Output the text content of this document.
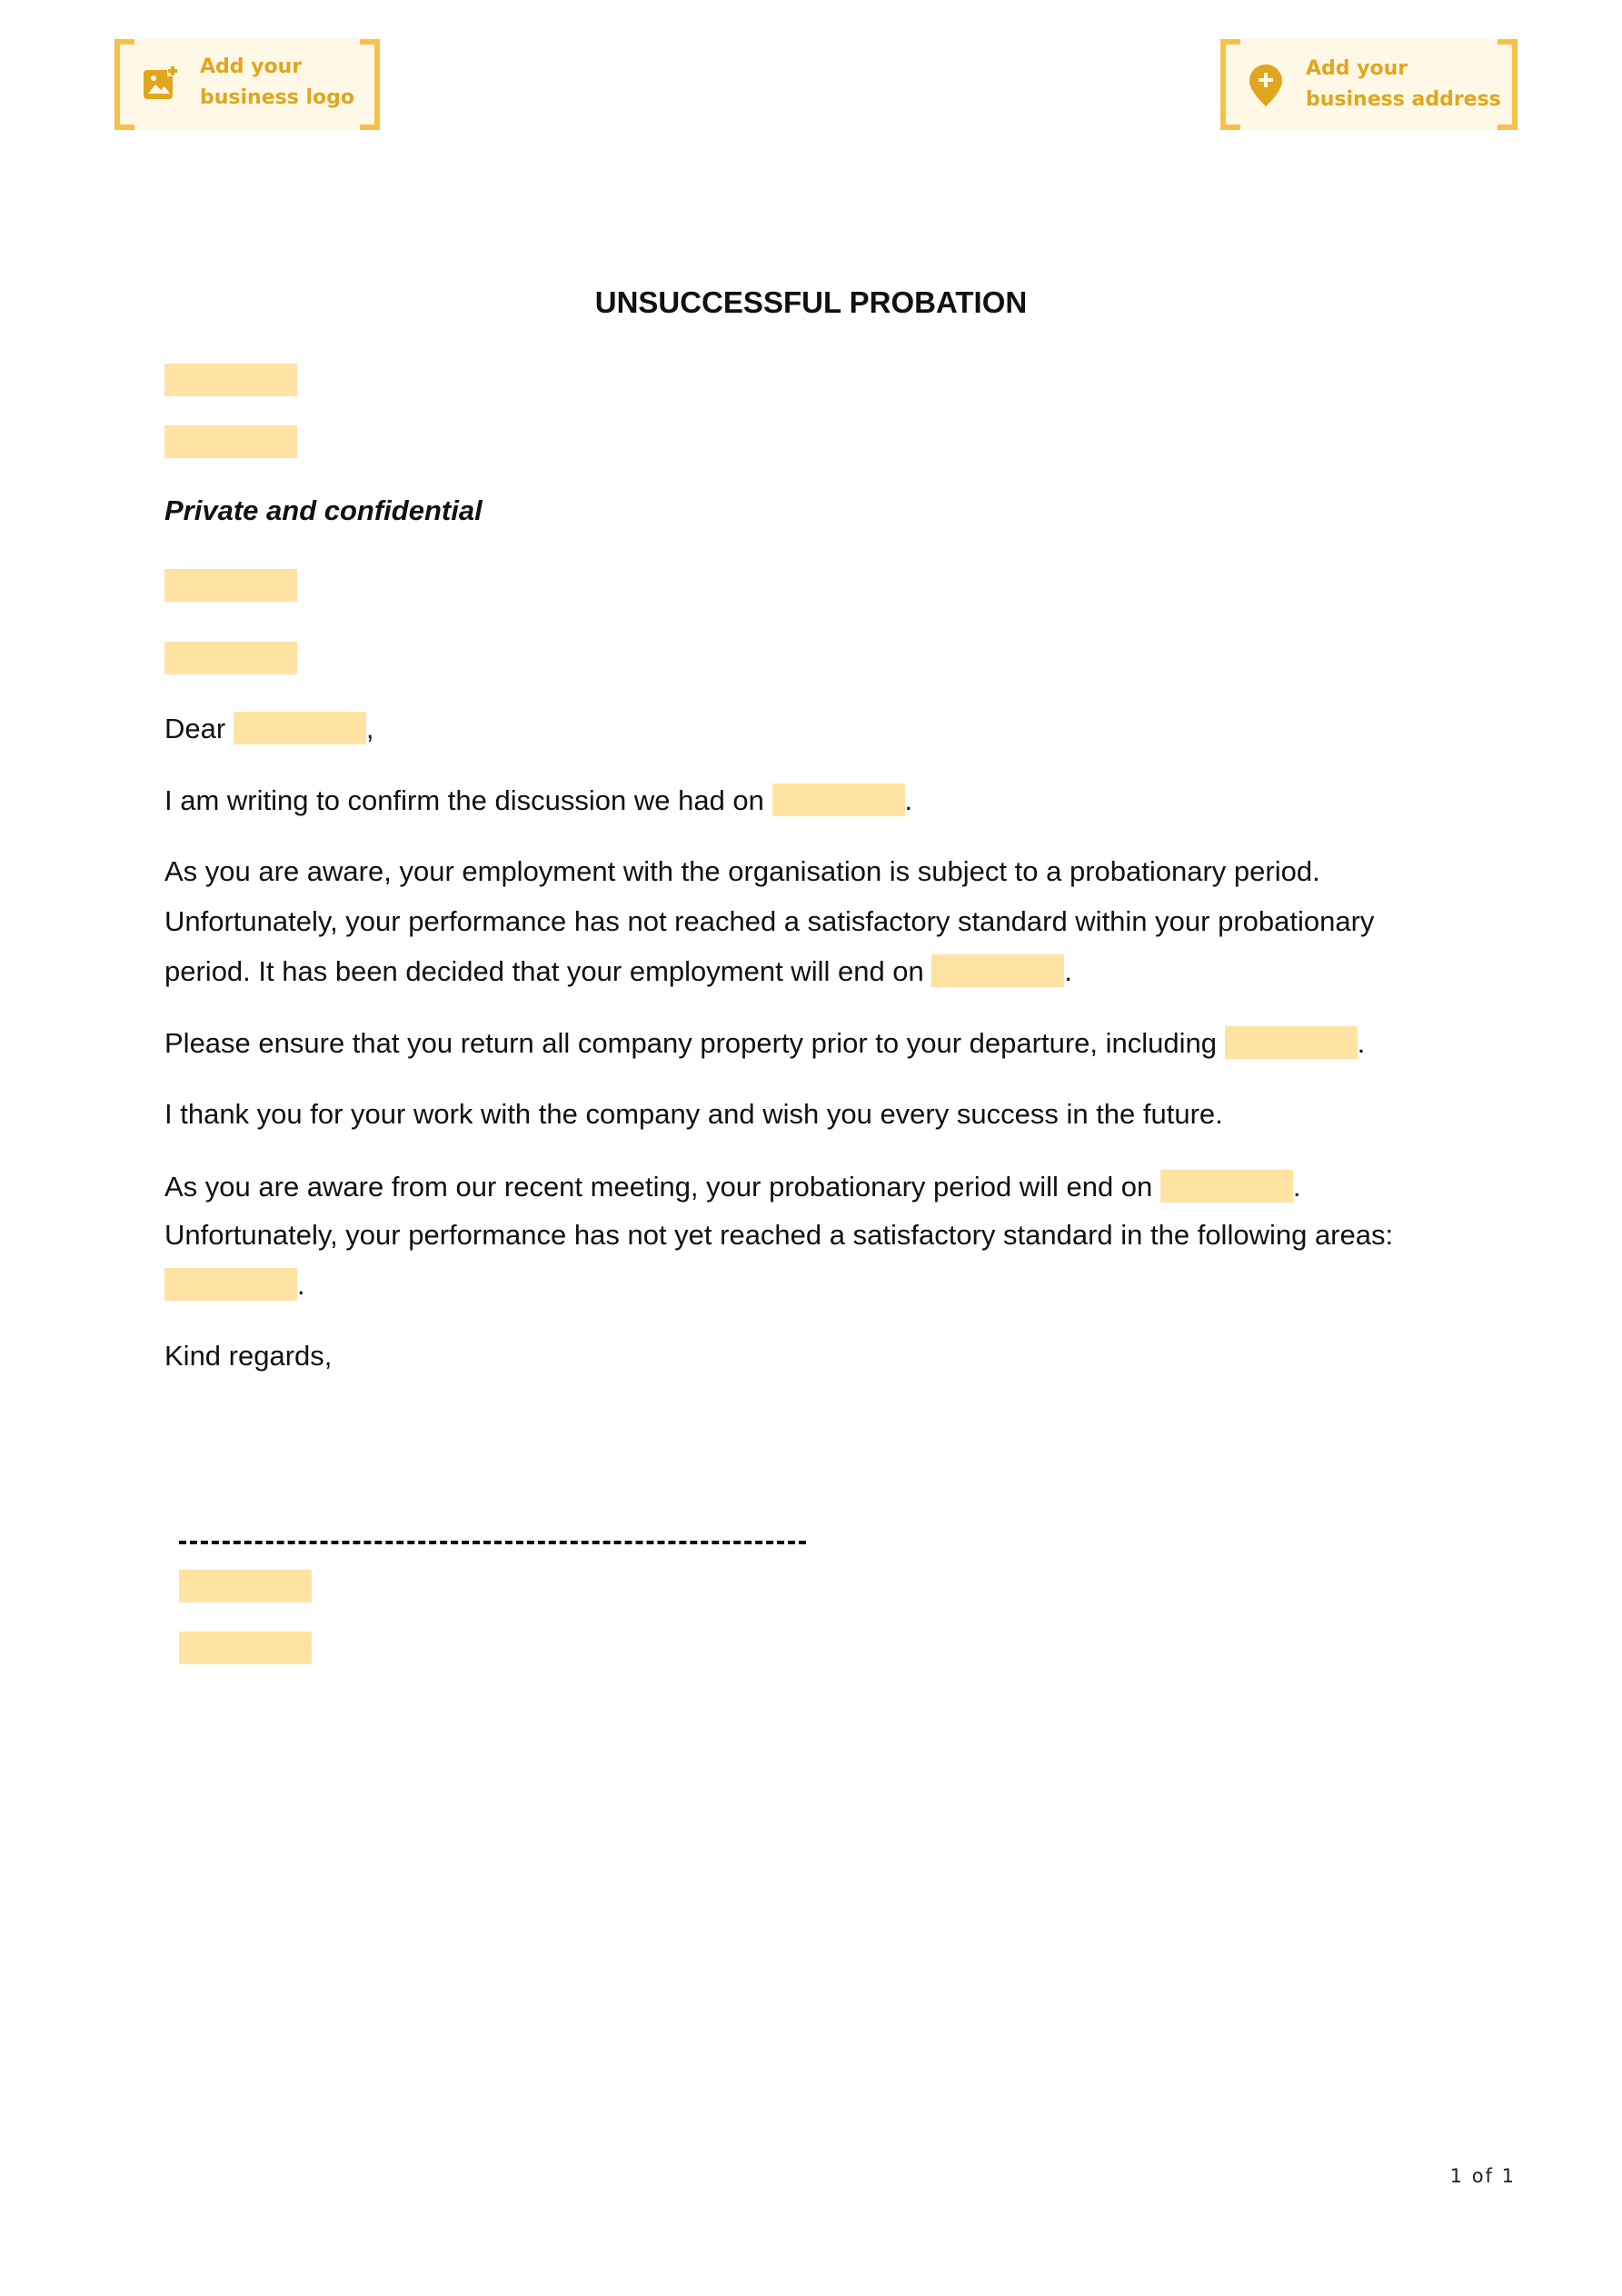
Add your
business logo
Add your
business address
UNSUCCESSFUL PROBATION
Private and confidential
Dear	,
I am writing to confirm the discussion we had on	.
As you are aware, your employment with the organisation is subject to a probationary period.
Unfortunately, your performance has not reached a satisfactory standard within your probationary
period. It has been decided that your employment will end on	.
Please ensure that you return all company property prior to your departure, including	.
I thank you for your work with the company and wish you every success in the future.
As you are aware from our recent meeting, your probationary period will end on	.
Unfortunately, your performance has not yet reached a satisfactory standard in the following areas:
.
Kind regards,
1 of 1
